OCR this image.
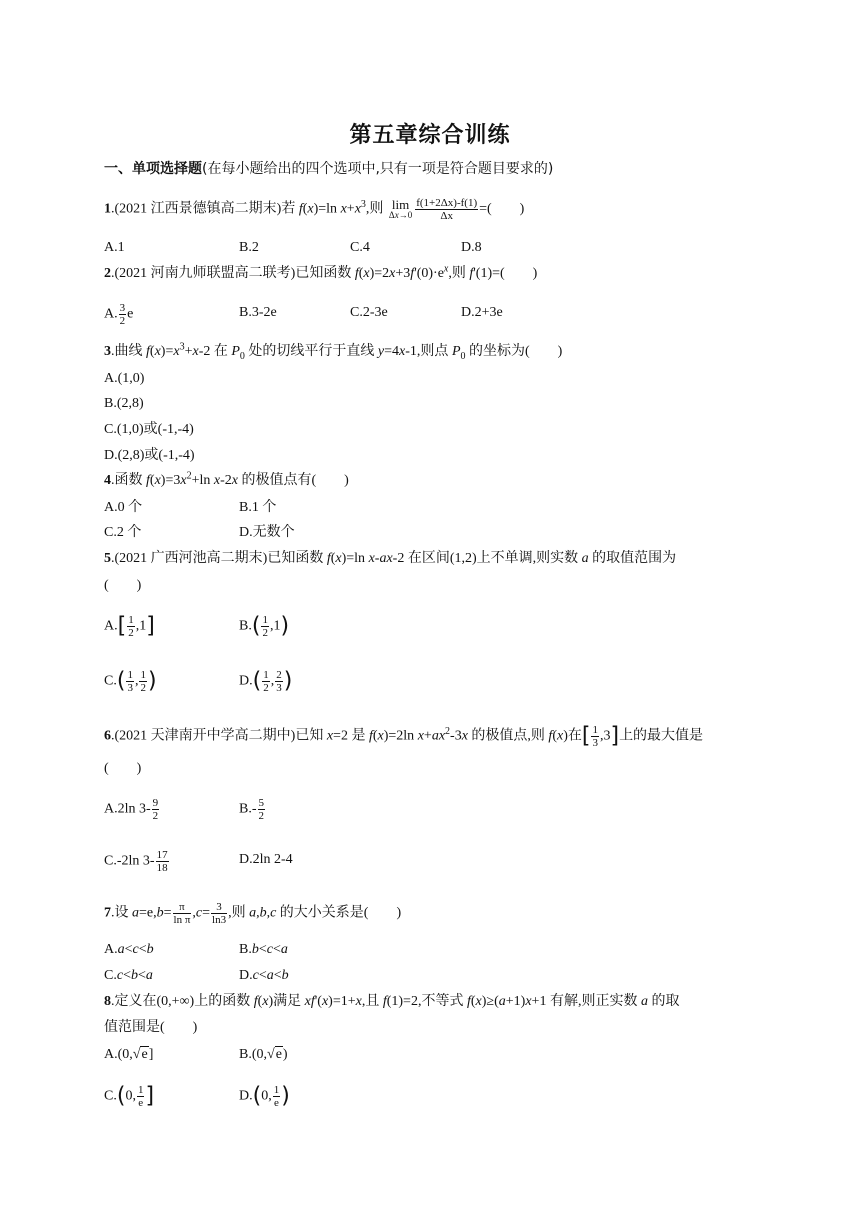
第五章综合训练
一、单项选择题(在每小题给出的四个选项中,只有一项是符合题目要求的)
1.(2021 江西景德镇高二期末)若 f(x)=ln $x+x^3$,则 lim
$\Delta x\to 0 \frac{f(1+2\Delta x)-f(1)}{\Delta x}$ =(　　)
A.1	B.2	C.4	D.8
2.(2021 河南九师联盟高二联考)已知函数 $f(x)=2x+3f'(0)\cdot e^x$,则 f'(1)=(　　)
A. $\frac{3}{2}$ e	B.3-2e	C.2-3e	D.2+3e
3.曲线 $f(x)=x^3+x-2$ 在 $P_0$ 处的切线平行于直线 y=4x-1,则点 $P_0$ 的坐标为(　　)
A.(1,0)
B.(2,8)
C.(1,0)或(-1,-4)
D.(2,8)或(-1,-4)
4.函数 $f(x)=3x^2+\ln$ x-2x 的极值点有(　　)
A.0 个	B.1 个
C.2 个	D.无数个
5.(2021 广西河池高二期末)已知函数 f(x)=ln x-ax-2 在区间(1,2)上不单调,则实数 a 的取值范围为
(　　)
$A.[ \frac{1}{2} ,1]$	$B.( \frac{1}{2} ,1)$
$C.( \frac{1}{3}$ , $\frac{1}{2}$ )	$D.( \frac{1}{2}$ , $\frac{2}{3}$ )
6.(2021 天津南开中学高二期中)已知 x=2 是 f(x)=2ln $x+ax^2-3x$ 的极值点,则 f(x)在[ $\frac{1}{3} ,3$]上的最大值是
(　　)
A.2ln $3- \frac{9}{2}$	$B.- \frac{5}{2}$
C.-2ln $3- \frac{17}{18}$	D.2ln 2-4
7.设 $a=e,b= \frac{\pi}{\text{ln π}} ,c= \frac{3}{\ln 3}$ ,则 a,b,c 的大小关系是(　　)
A.a<c<b	B.b<c<a
C.c<b<a	D.c<a<b
8.定义在(0,+∞)上的函数 f(x)满足 xf'(x)=1+x,且 f(1)=2,不等式 f(x)≥(a+1)x+1 有解,则正实数 a 的取
值范围是(　　)
A.(0,√e]	B.(0,√e)
C.(0, $\frac{1}{e}$ ]	D.(0, $\frac{1}{e}$ )
